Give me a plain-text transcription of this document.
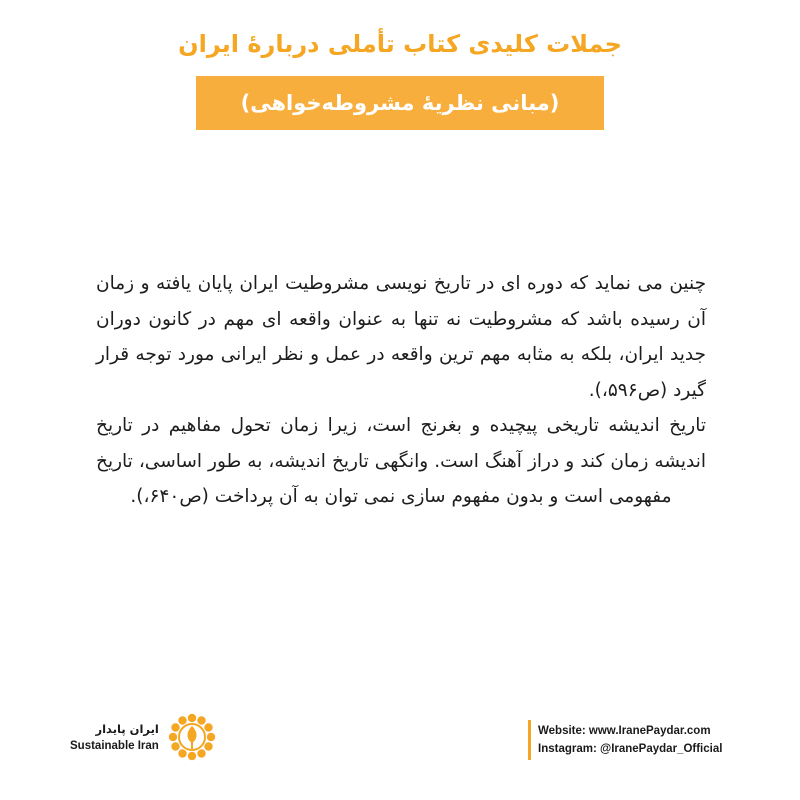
جملات کلیدی کتاب تأملی دربارهٔ ایران
(مبانی نظریهٔ مشروطه‌خواهی)

چنین می نماید که دوره ای در تاریخ نویسی مشروطیت ایران پایان یافته و زمان آن رسیده باشد که مشروطیت نه تنها به عنوان واقعه ای مهم در کانون دوران جدید ایران، بلکه به مثابه مهم ترین واقعه در عمل و نظر ایرانی مورد توجه قرار گیرد (ص۵۹۶،).

تاریخ اندیشه تاریخی پیچیده و بغرنج است، زیرا زمان تحول مفاهیم در تاریخ اندیشه زمان کند و دراز آهنگ است. وانگهی تاریخ اندیشه، به طور اساسی، تاریخ مفهومی است و بدون مفهوم سازی نمی توان به آن پرداخت (ص۶۴۰،).

ایران پایدار
Sustainable Iran
Website: www.IranePaydar.com
Instagram: @IranePaydar_Official
